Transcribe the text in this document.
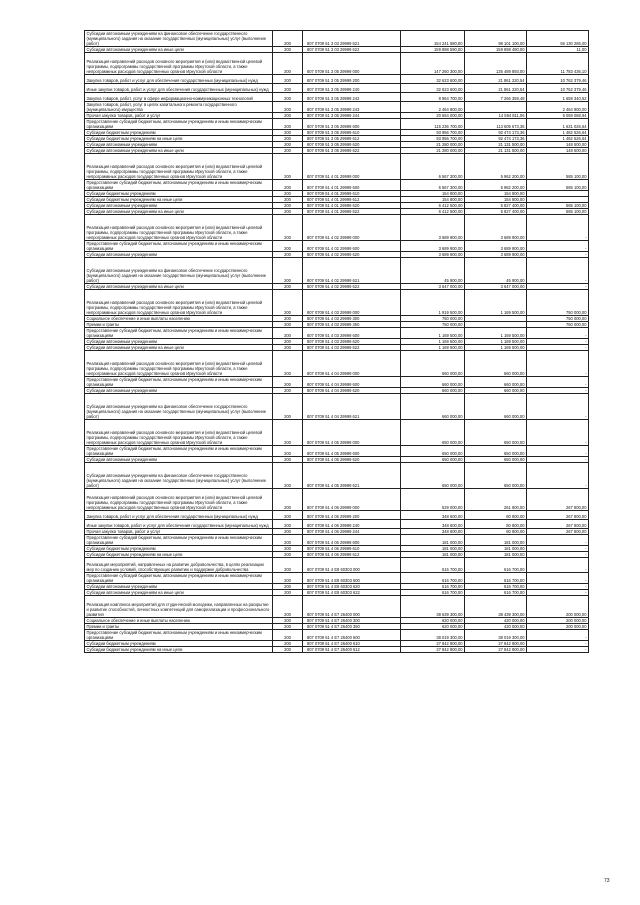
Субсидии автономным учреждениям на финансовое обеспечение государственного (муниципального) задания на оказание государственных (муниципальных) услуг (выполнение работ)	200	807 0709 51 3 03 29999 621	154 241 580,00	98 101 100,00	56 130 286,00
Субсидии автономным учреждениям на иные цели	200	807 0709 51 3 03 29999 622	159 898 590,00	159 898 480,00	11,00
Реализация направлений расходов основного мероприятия и (или) ведомственной целевой программы, подпрограммы государственной программы Иркутской области, а также непрограммных расходов государственных органов Иркутской области	200	807 0709 51 3 05 29999 000	147 260 300,00	135 489 893,00	11 783 436,10
Закупка товаров, работ и услуг для обеспечения государственных (муниципальных) нужд	200	807 0709 51 3 05 29999 200	32 623 600,00	21 861 220,54	10 762 379,46
Иные закупки товаров, работ и услуг для обеспечения государственных (муниципальных) нужд	200	807 0709 51 3 05 29999 240	32 623 600,00	21 861 220,54	10 762 379,46
Закупка товаров, работ, услуг в сфере информационно-коммуникационных технологий	200	807 0709 51 3 05 29999 242	8 964 700,00	7 266 359,48	1 658 340,52
Закупка товаров, работ, услуг в целях капитального ремонта государственного (муниципального) имущества	200	807 0709 51 3 05 29999 243	2 464 900,00		2 464 900,00
Прочая закупка товаров, работ и услуг	200	807 0709 51 3 05 29999 244	20 654 000,00	14 594 811,06	6 059 088,94
Предоставление субсидий бюджетным, автономным учреждениям и иным некоммерческим организациям	200	807 0709 51 3 05 29999 600	115 236 700,00	113 605 673,36	1 631 026,64
Субсидии бюджетным учреждениям	200	807 0709 51 3 05 29999 610	93 956 700,00	92 474 173,36	1 482 526,64
Субсидии бюджетным учреждениям на иные цели	200	807 0709 51 3 05 29999 612	93 956 700,00	92 474 173,36	1 482 526,64
Субсидии автономным учреждениям	200	807 0709 51 3 05 29999 620	21 280 000,00	21 131 500,00	148 500,00
Субсидии автономным учреждениям на иные цели	200	807 0709 51 3 05 29999 622	21 280 000,00	21 131 500,00	148 500,00
Реализация направлений расходов основного мероприятия и (или) ведомственной целевой программы, подпрограммы государственной программы Иркутской области, а также непрограммных расходов государственных органов Иркутской области	200	807 0709 51 4 01 29999 000	6 567 300,00	5 962 200,00	585 100,00
Предоставление субсидий бюджетным, автономным учреждениям и иным некоммерческим организациям	200	807 0709 51 4 01 29999 600	6 567 300,00	5 982 200,00	585 100,00
Субсидии бюджетным учреждениям	200	807 0709 51 4 01 29999 610	154 800,00	154 800,00	
Субсидии бюджетным учреждениям на иные цели	200	807 0709 51 4 01 29999 612	154 800,00	154 800,00	
Субсидии автономным учреждениям	200	807 0709 51 4 01 29999 620	6 412 500,00	5 827 400,00	585 100,00
Субсидии автономным учреждениям на иные цели	200	807 0709 51 4 01 29999 622	6 412 500,00	5 827 400,00	585 100,00
Реализация направлений расходов основного мероприятия и (или) ведомственной целевой программы, подпрограммы государственной программы Иркутской области, а также непрограммных расходов государственных органов Иркутской области	200	807 0709 51 4 02 29999 000	3 689 900,00	3 689 900,00	-
Предоставление субсидий бюджетным, автономным учреждениям и иным некоммерческим организациям	200	807 0709 51 4 02 29999 600	3 689 900,00	3 689 900,00	-
Субсидии автономным учреждениям	200	807 0709 51 4 02 29999 620	3 689 900,00	3 689 900,00	-
Субсидии автономным учреждениям на финансовое обеспечение государственного (муниципального) задания на оказание государственных (муниципальных) услуг (выполнение работ)	200	807 0709 51 4 02 29999 621	45 900,00	45 900,00	-
Субсидии автономным учреждениям на иные цели	200	807 0709 51 4 02 29999 622	3 647 000,00	3 647 000,00	-
Реализация направлений расходов основного мероприятия и (или) ведомственной целевой программы, подпрограммы государственной программы Иркутской области, а также непрограммных расходов государственных органов Иркутской области	200	807 0709 51 4 03 29999 000	1 919 500,00	1 169 500,00	750 000,00
Социальное обеспечение и иные выплаты населению	200	807 0709 51 4 03 29999 300	750 000,00		750 000,00
Премии и гранты	200	807 0709 51 4 03 29999 350	750 000,00		750 000,00
Предоставление субсидий бюджетным, автономным учреждениям и иным некоммерческим организациям	200	807 0709 51 4 03 29999 600	1 169 500,00	1 169 500,00	-
Субсидии автономным учреждениям	200	807 0709 51 4 03 29999 620	1 169 500,00	1 169 500,00	-
Субсидии автономным учреждениям на иные цели	200	807 0709 51 4 03 29999 622	1 169 500,00	1 169 500,00	-
Реализация направлений расходов основного мероприятия и (или) ведомственной целевой программы, подпрограммы государственной программы Иркутской области, а также непрограммных расходов государственных органов Иркутской области	200	807 0709 51 4 04 29999 000	660 000,00	660 000,00	-
Предоставление субсидий бюджетным, автономным учреждениям и иным некоммерческим организациям	200	807 0709 51 4 04 29999 600	660 000,00	660 000,00	-
Субсидии автономным учреждениям	200	807 0709 51 4 04 29999 620	660 000,00	660 000,00	-
Субсидии автономным учреждениям на финансовое обеспечение государственного (муниципального) задания на оказание государственных (муниципальных) услуг (выполнение работ)	200	807 0709 51 4 04 29999 621	660 000,00	660 000,00	-
Реализация направлений расходов основного мероприятия и (или) ведомственной целевой программы, подпрограммы государственной программы Иркутской области, а также непрограммных расходов государственных органов Иркутской области	200	807 0709 51 4 05 29999 000	650 000,00	650 000,00	-
Предоставление субсидий бюджетным, автономным учреждениям и иным некоммерческим организациям	200	807 0709 51 4 05 29999 600	650 000,00	650 000,00	-
Субсидии автономным учреждениям	200	807 0709 51 4 05 29999 620	650 000,00	650 000,00	-
Субсидии автономным учреждениям на финансовое обеспечение государственного (муниципального) задания на оказание государственных (муниципальных) услуг (выполнение работ)	200	807 0709 51 4 05 29999 621	650 000,00	650 000,00	-
Реализация направлений расходов основного мероприятия и (или) ведомственной целевой программы, подпрограммы государственной программы Иркутской области, а также непрограммных расходов государственных органов Иркутской области	200	807 0709 51 4 06 29999 000	529 000,00	261 800,00	267 800,00
Закупка товаров, работ и услуг для обеспечения государственных (муниципальных) нужд	200	807 0709 51 4 06 29999 200	348 600,00	80 800,00	267 800,00
Иные закупки товаров, работ и услуг для обеспечения государственных (муниципальных) нужд	200	807 0709 51 4 06 29999 240	348 600,00	80 800,00	267 800,00
Прочая закупка товаров, работ и услуг	200	807 0709 51 4 06 29999 244	348 600,00	80 800,00	267 800,00
Предоставление субсидий бюджетным, автономным учреждениям и иным некоммерческим организациям	200	807 0709 51 4 06 29999 600	181 000,00	181 000,00	-
Субсидии бюджетным учреждениям	200	807 0709 51 4 06 29999 610	181 000,00	181 000,00	-
Субсидии бюджетным учреждениям на иные цели	200	807 0709 51 4 06 29999 612	181 000,00	181 000,00	-
Реализация мероприятий, направленных на развитие добровольчества, в целях реализации мер по созданию условий, способствующих развитию и поддержке добровольчества	200	807 0709 51 4 E8 60303 000	616 700,00	616 700,00	-
Предоставление субсидий бюджетным, автономным учреждениям и иным некоммерческим организациям	200	807 0709 51 4 E8 60303 600	616 700,00	616 700,00	-
Субсидии автономным учреждениям	200	807 0709 51 4 E8 60303 620	616 700,00	616 700,00	-
Субсидии автономным учреждениям на иные цели	200	807 0709 51 4 E8 60303 622	616 700,00	616 700,00	-
Реализация комплекса мероприятий для студенческой молодежи, направленных на раскрытие и развитие способностей, личностных компетенций для самореализации и профессионального развития	200	807 0709 51 4 E7 26400 000	38 639 300,00	38 439 300,00	200 000,00
Социальное обеспечение и иные выплаты населению	200	807 0709 51 4 E7 26400 300	620 000,00	420 000,00	200 000,00
Премии и гранты	200	807 0709 51 4 E7 26400 350	620 000,00	420 000,00	200 000,00
Предоставление субсидий бюджетным, автономным учреждениям и иным некоммерческим организациям	200	807 0709 51 4 E7 26400 600	38 019 300,00	38 019 300,00	-
Субсидии бюджетным учреждениям	200	807 0709 51 4 E7 26400 610	27 842 800,00	27 842 800,00	-
Субсидии бюджетным учреждениям на иные цели	200	807 0709 51 4 E7 26400 612	27 842 800,00	27 842 800,00	-
73
